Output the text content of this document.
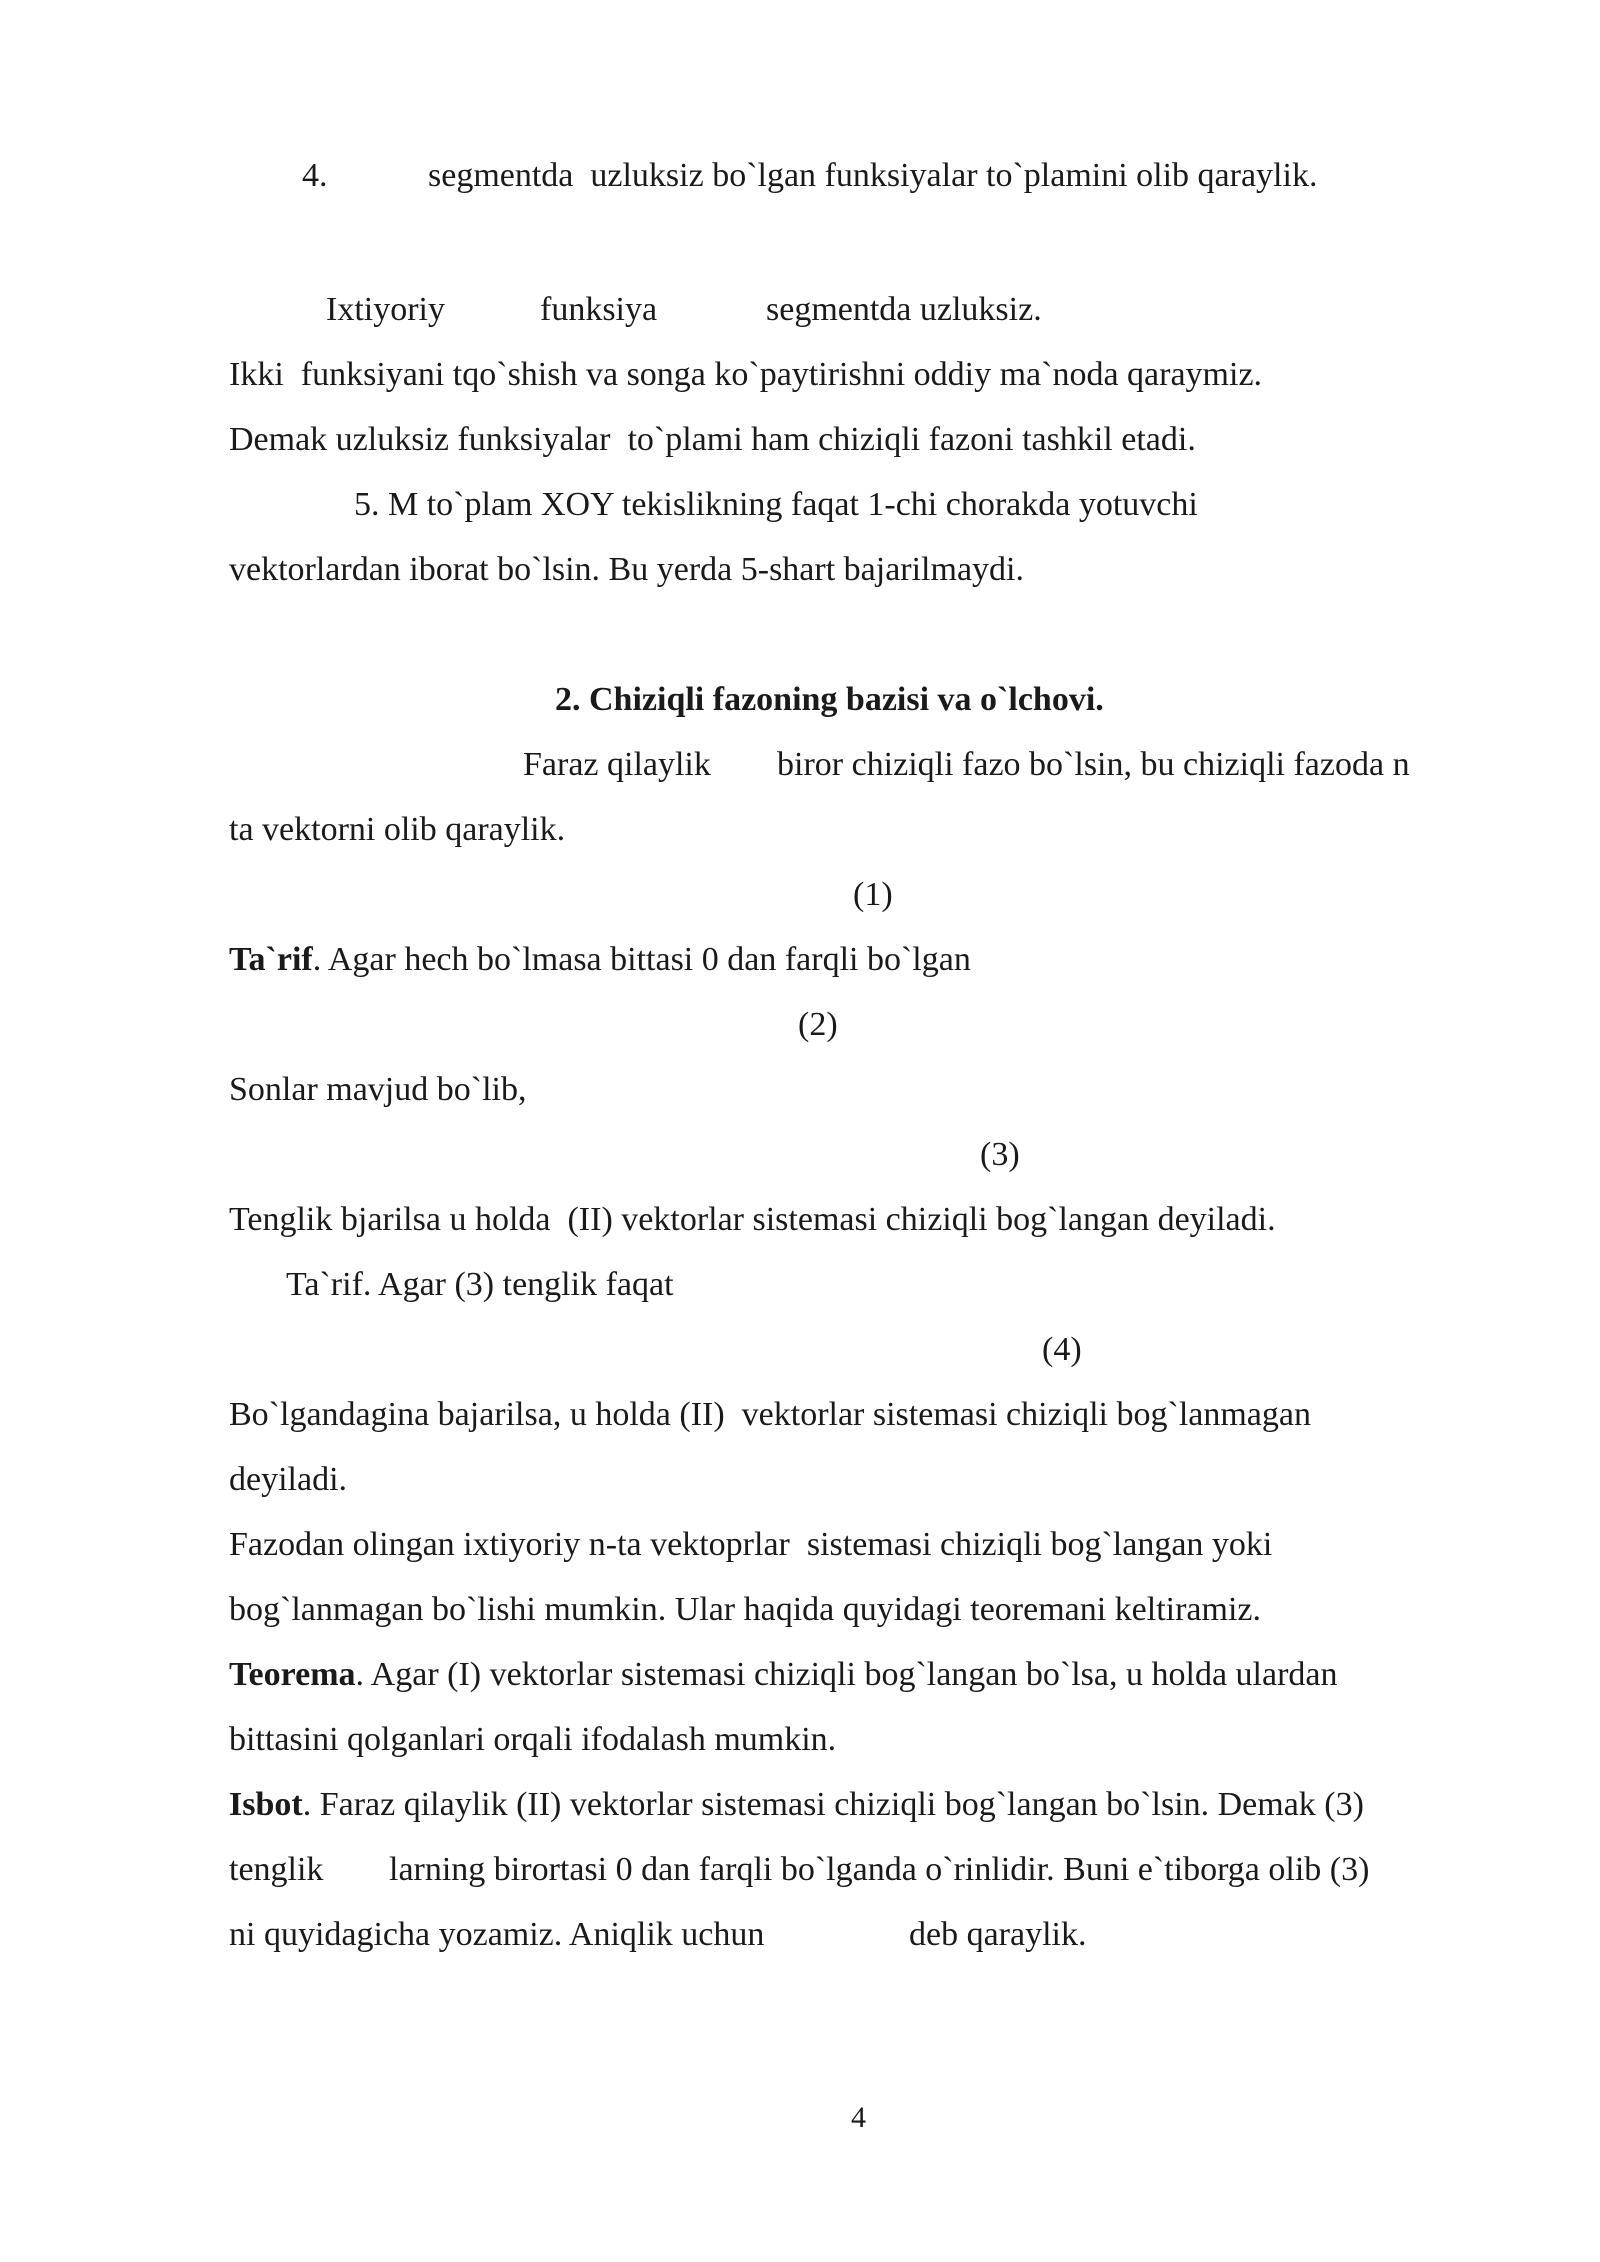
4.	segmentda  uzluksiz bo`lgan funksiyalar to`plamini olib qaraylik.
Ixtiyoriy	funksiya	segmentda uzluksiz.
Ikki  funksiyani tqo`shish va songa ko`paytirishni oddiy ma`noda qaraymiz.
Demak uzluksiz funksiyalar  to`plami ham chiziqli fazoni tashkil etadi.
5. M to`plam XOY tekislikning faqat 1-chi chorakda yotuvchi
vektorlardan iborat bo`lsin. Bu yerda 5-shart bajarilmaydi.
2. Chiziqli fazoning bazisi va o`lchovi.
Faraz qilaylik biror chiziqli fazo bo`lsin, bu chiziqli fazoda n
ta vektorni olib qaraylik.
(1)
Ta`rif. Agar hech bo`lmasa bittasi 0 dan farqli bo`lgan
(2)
Sonlar mavjud bo`lib,
(3)
Tenglik bjarilsa u holda  (II) vektorlar sistemasi chiziqli bog`langan deyiladi.
Ta`rif. Agar (3) tenglik faqat
(4)
Bo`lgandagina bajarilsa, u holda (II)  vektorlar sistemasi chiziqli bog`lanmagan
deyiladi.
Fazodan olingan ixtiyoriy n-ta vektoprlar  sistemasi chiziqli bog`langan yoki
bog`lanmagan bo`lishi mumkin. Ular haqida quyidagi teoremani keltiramiz.
Teorema. Agar (I) vektorlar sistemasi chiziqli bog`langan bo`lsa, u holda ulardan
bittasini qolganlari orqali ifodalash mumkin.
Isbot. Faraz qilaylik (II) vektorlar sistemasi chiziqli bog`langan bo`lsin. Demak (3)
tenglik larning birortasi 0 dan farqli bo`lganda o`rinlidir. Buni e`tiborga olib (3)
ni quyidagicha yozamiz. Aniqlik uchun	deb qaraylik.
4
